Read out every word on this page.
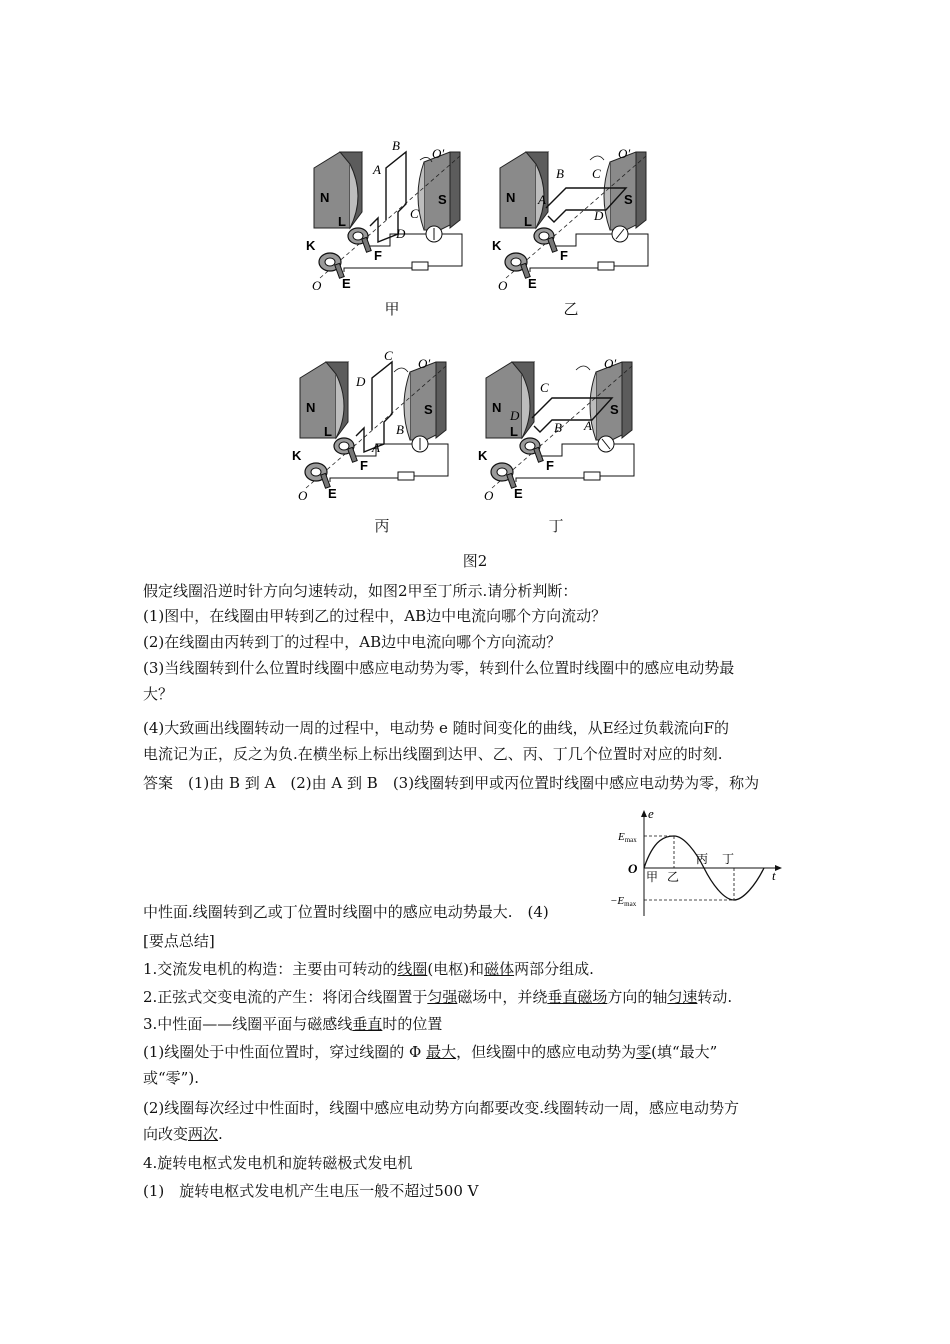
N	S
A
B
C
D
O′
L
K
F
E
O
甲
N	S
A
B C
D
O′
L
K
F
E
O
乙
N	S
A
B
C
D
O′
L
K
F
E
O
丙
N	S
A
B
C
D
O′
L
K
F
E
O
丁
图2
假定线圈沿逆时针方向匀速转动，如图2甲至丁所示.请分析判断：
(1)图中，在线圈由甲转到乙的过程中，AB边中电流向哪个方向流动？
(2)在线圈由丙转到丁的过程中，AB边中电流向哪个方向流动？
(3)当线圈转到什么位置时线圈中感应电动势为零，转到什么位置时线圈中的感应电动势最
大？
(4)大致画出线圈转动一周的过程中，电动势 e 随时间变化的曲线，从E经过负载流向F的
电流记为正，反之为负.在横坐标上标出线圈到达甲、乙、丙、丁几个位置时对应的时刻.
答案　(1)由 B 到 A　(2)由 A 到 B　(3)线圈转到甲或丙位置时线圈中感应电动势为零，称为
e
t
O
Emax
−Emax
甲 乙
丙 丁
中性面.线圈转到乙或丁位置时线圈中的感应电动势最大.　(4)
[要点总结]
1.交流发电机的构造：主要由可转动的线圈(电枢)和磁体两部分组成.
2.正弦式交变电流的产生：将闭合线圈置于匀强磁场中，并绕垂直磁场方向的轴匀速转动.
3.中性面——线圈平面与磁感线垂直时的位置
(1)线圈处于中性面位置时，穿过线圈的 Φ 最大，但线圈中的感应电动势为零(填“最大”
或“零”).
(2)线圈每次经过中性面时，线圈中感应电动势方向都要改变.线圈转动一周，感应电动势方
向改变两次.
4.旋转电枢式发电机和旋转磁极式发电机
(1)　旋转电枢式发电机产生电压一般不超过500 V
